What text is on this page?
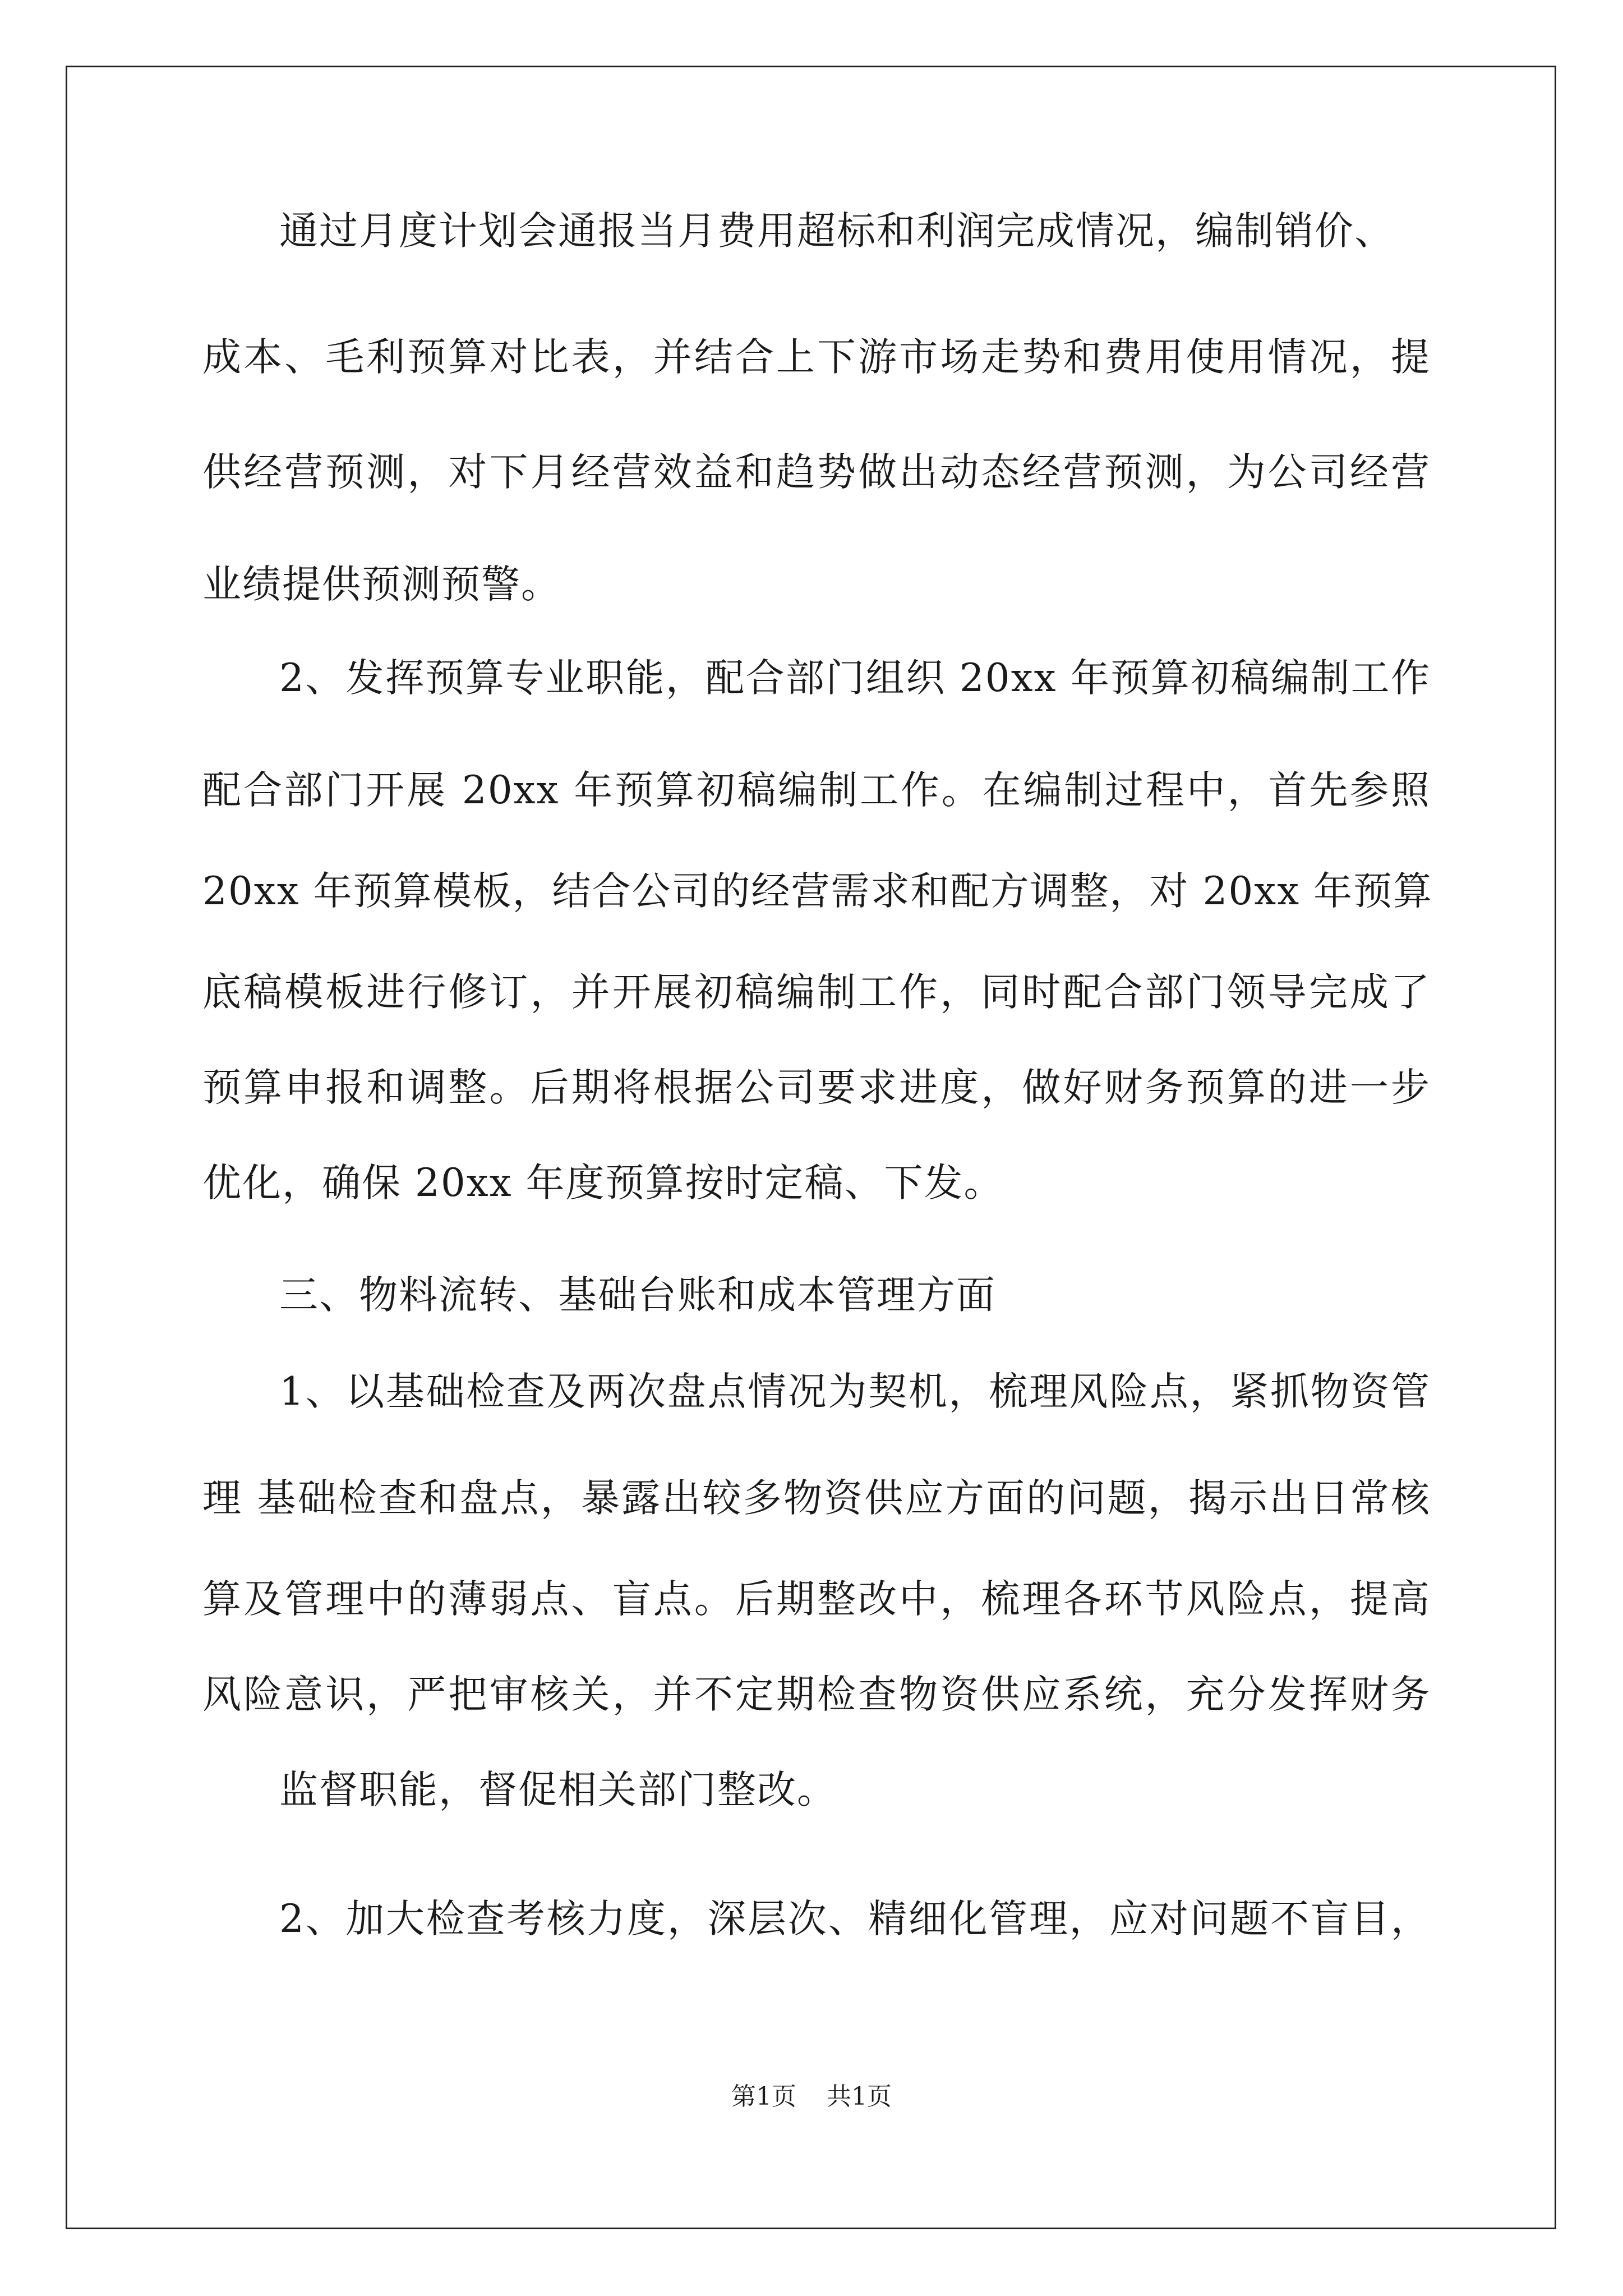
通过月度计划会通报当月费用超标和利润完成情况，编制销价、
成本、毛利预算对比表，并结合上下游市场走势和费用使用情况，提
供经营预测，对下月经营效益和趋势做出动态经营预测，为公司经营
业绩提供预测预警。
2、发挥预算专业职能，配合部门组织 20xx 年预算初稿编制工作
配合部门开展 20xx 年预算初稿编制工作。在编制过程中，首先参照
20xx 年预算模板，结合公司的经营需求和配方调整，对 20xx 年预算
底稿模板进行修订，并开展初稿编制工作，同时配合部门领导完成了
预算申报和调整。后期将根据公司要求进度，做好财务预算的进一步
优化，确保 20xx 年度预算按时定稿、下发。
三、物料流转、基础台账和成本管理方面
1、以基础检查及两次盘点情况为契机，梳理风险点，紧抓物资管
理 基础检查和盘点，暴露出较多物资供应方面的问题，揭示出日常核
算及管理中的薄弱点、盲点。后期整改中，梳理各环节风险点，提高
风险意识，严把审核关，并不定期检查物资供应系统，充分发挥财务
监督职能，督促相关部门整改。
2、加大检查考核力度，深层次、精细化管理，应对问题不盲目，
第1页 共1页
